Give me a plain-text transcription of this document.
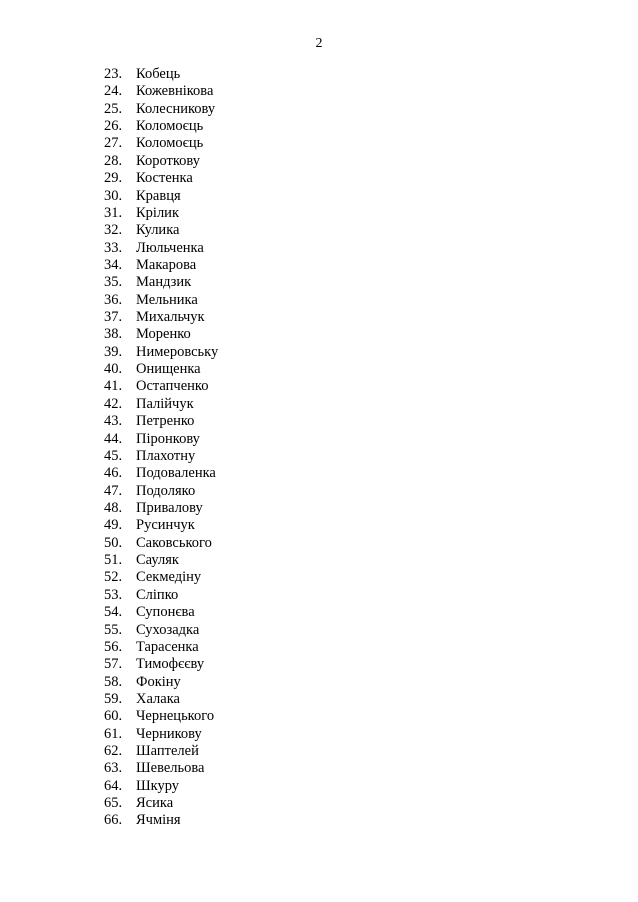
2
23. Кобець
24. Кожевнікова
25. Колесникову
26. Коломоєць
27. Коломоєць
28. Короткову
29. Костенка
30. Кравця
31. Крілик
32. Кулика
33. Люльченка
34. Макарова
35. Мандзик
36. Мельника
37. Михальчук
38. Моренко
39. Нимеровську
40. Онищенка
41. Остапченко
42. Палійчук
43. Петренко
44. Піронкову
45. Плахотну
46. Подоваленка
47. Подоляко
48. Привалову
49. Русинчук
50. Саковського
51. Сауляк
52. Секмедіну
53. Сліпко
54. Супонєва
55. Сухозадка
56. Тарасенка
57. Тимофєєву
58. Фокіну
59. Халака
60. Чернецького
61. Черникову
62. Шаптелей
63. Шевельова
64. Шкуру
65. Ясика
66. Ячміня
